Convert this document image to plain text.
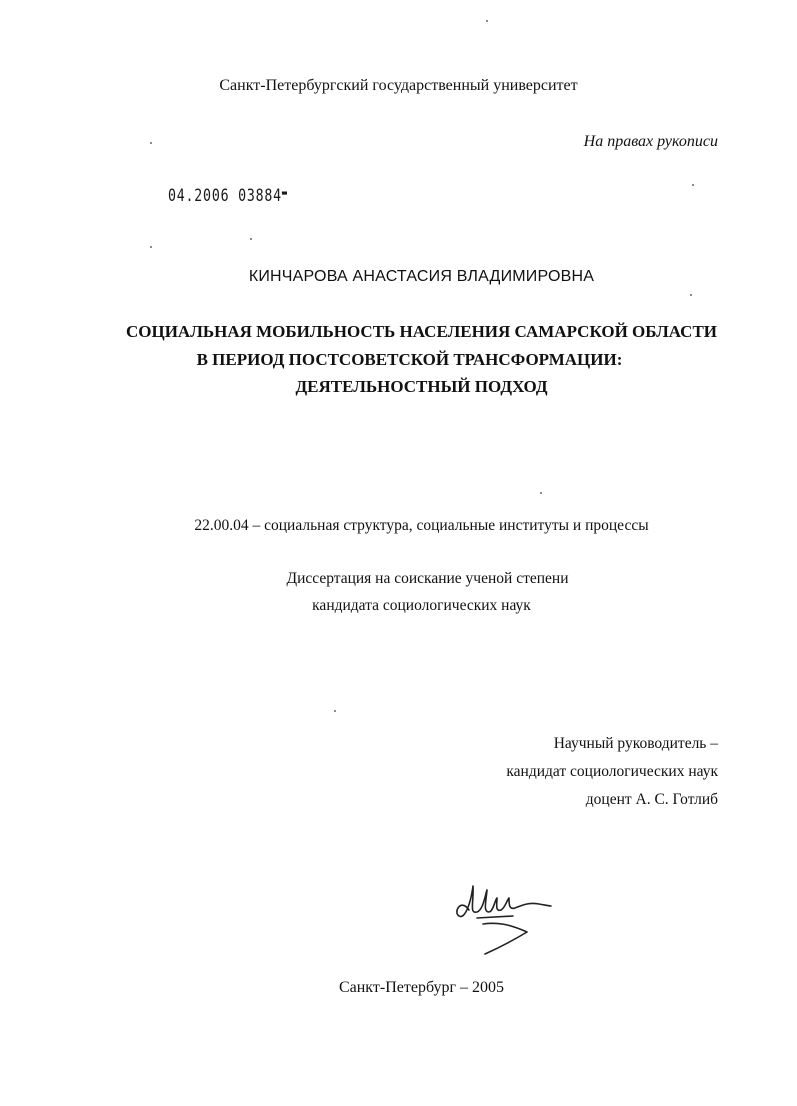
Санкт-Петербургский государственный университет
На правах рукописи
04.2006 03884▬
КИНЧАРОВА АНАСТАСИЯ ВЛАДИМИРОВНА
СОЦИАЛЬНАЯ МОБИЛЬНОСТЬ НАСЕЛЕНИЯ САМАРСКОЙ ОБЛАСТИ
В ПЕРИОД ПОСТСОВЕТСКОЙ ТРАНСФОРМАЦИИ:
ДЕЯТЕЛЬНОСТНЫЙ ПОДХОД
22.00.04 – социальная структура, социальные институты и процессы
Диссертация на соискание ученой степени
кандидата социологических наук
Научный руководитель –
кандидат социологических наук
доцент А. С. Готлиб
Санкт-Петербург – 2005
